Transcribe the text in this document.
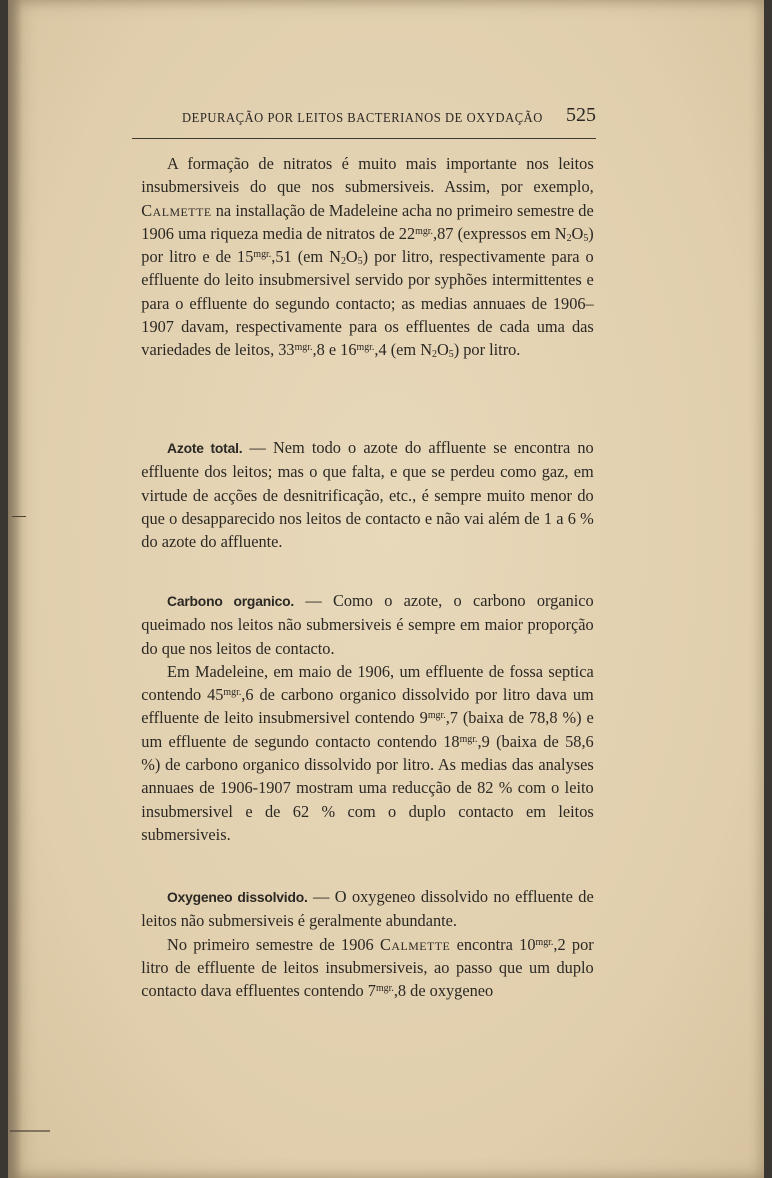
DEPURAÇÃO POR LEITOS BACTERIANOS DE OXYDAÇÃO 525

A formação de nitratos é muito mais importante nos leitos insubmersiveis do que nos submersiveis. Assim, por exemplo, Calmette na installação de Madeleine acha no primeiro semestre de 1906 uma riqueza media de nitratos de $22^{mgr.},87$ (expressos em $N_2O_5$) por litro e de $15^{mgr.},51$ (em $N_2O_5$) por litro, respectivamente para o effluente do leito insubmersivel servido por syphões intermittentes e para o effluente do segundo contacto; as medias annuaes de 1906–1907 davam, respectivamente para os effluentes de cada uma das variedades de leitos, $33^{mgr.},8$ e $16^{mgr.},4$ (em $N_2O_5$) por litro.

Azote total. — Nem todo o azote do affluente se encontra no effluente dos leitos; mas o que falta, e que se perdeu como gaz, em virtude de acções de desnitrificação, etc., é sempre muito menor do que o desapparecido nos leitos de contacto e não vai além de 1 a 6 % do azote do affluente.

Carbono organico. — Como o azote, o carbono organico queimado nos leitos não submersiveis é sempre em maior proporção do que nos leitos de contacto.

Em Madeleine, em maio de 1906, um effluente de fossa septica contendo $45^{mgr.},6$ de carbono organico dissolvido por litro dava um effluente de leito insubmersivel contendo $9^{mgr.},7$ (baixa de 78,8 %) e um effluente de segundo contacto contendo $18^{mgr.},9$ (baixa de 58,6 %) de carbono organico dissolvido por litro. As medias das analyses annuaes de 1906-1907 mostram uma reducção de 82 % com o leito insubmersivel e de 62 % com o duplo contacto em leitos submersiveis.

Oxygeneo dissolvido. — O oxygeneo dissolvido no effluente de leitos não submersiveis é geralmente abundante.

No primeiro semestre de 1906 Calmette encontra $10^{mgr.},2$ por litro de effluente de leitos insubmersiveis, ao passo que um duplo contacto dava effluentes contendo $7^{mgr.},8$ de oxygeneo
